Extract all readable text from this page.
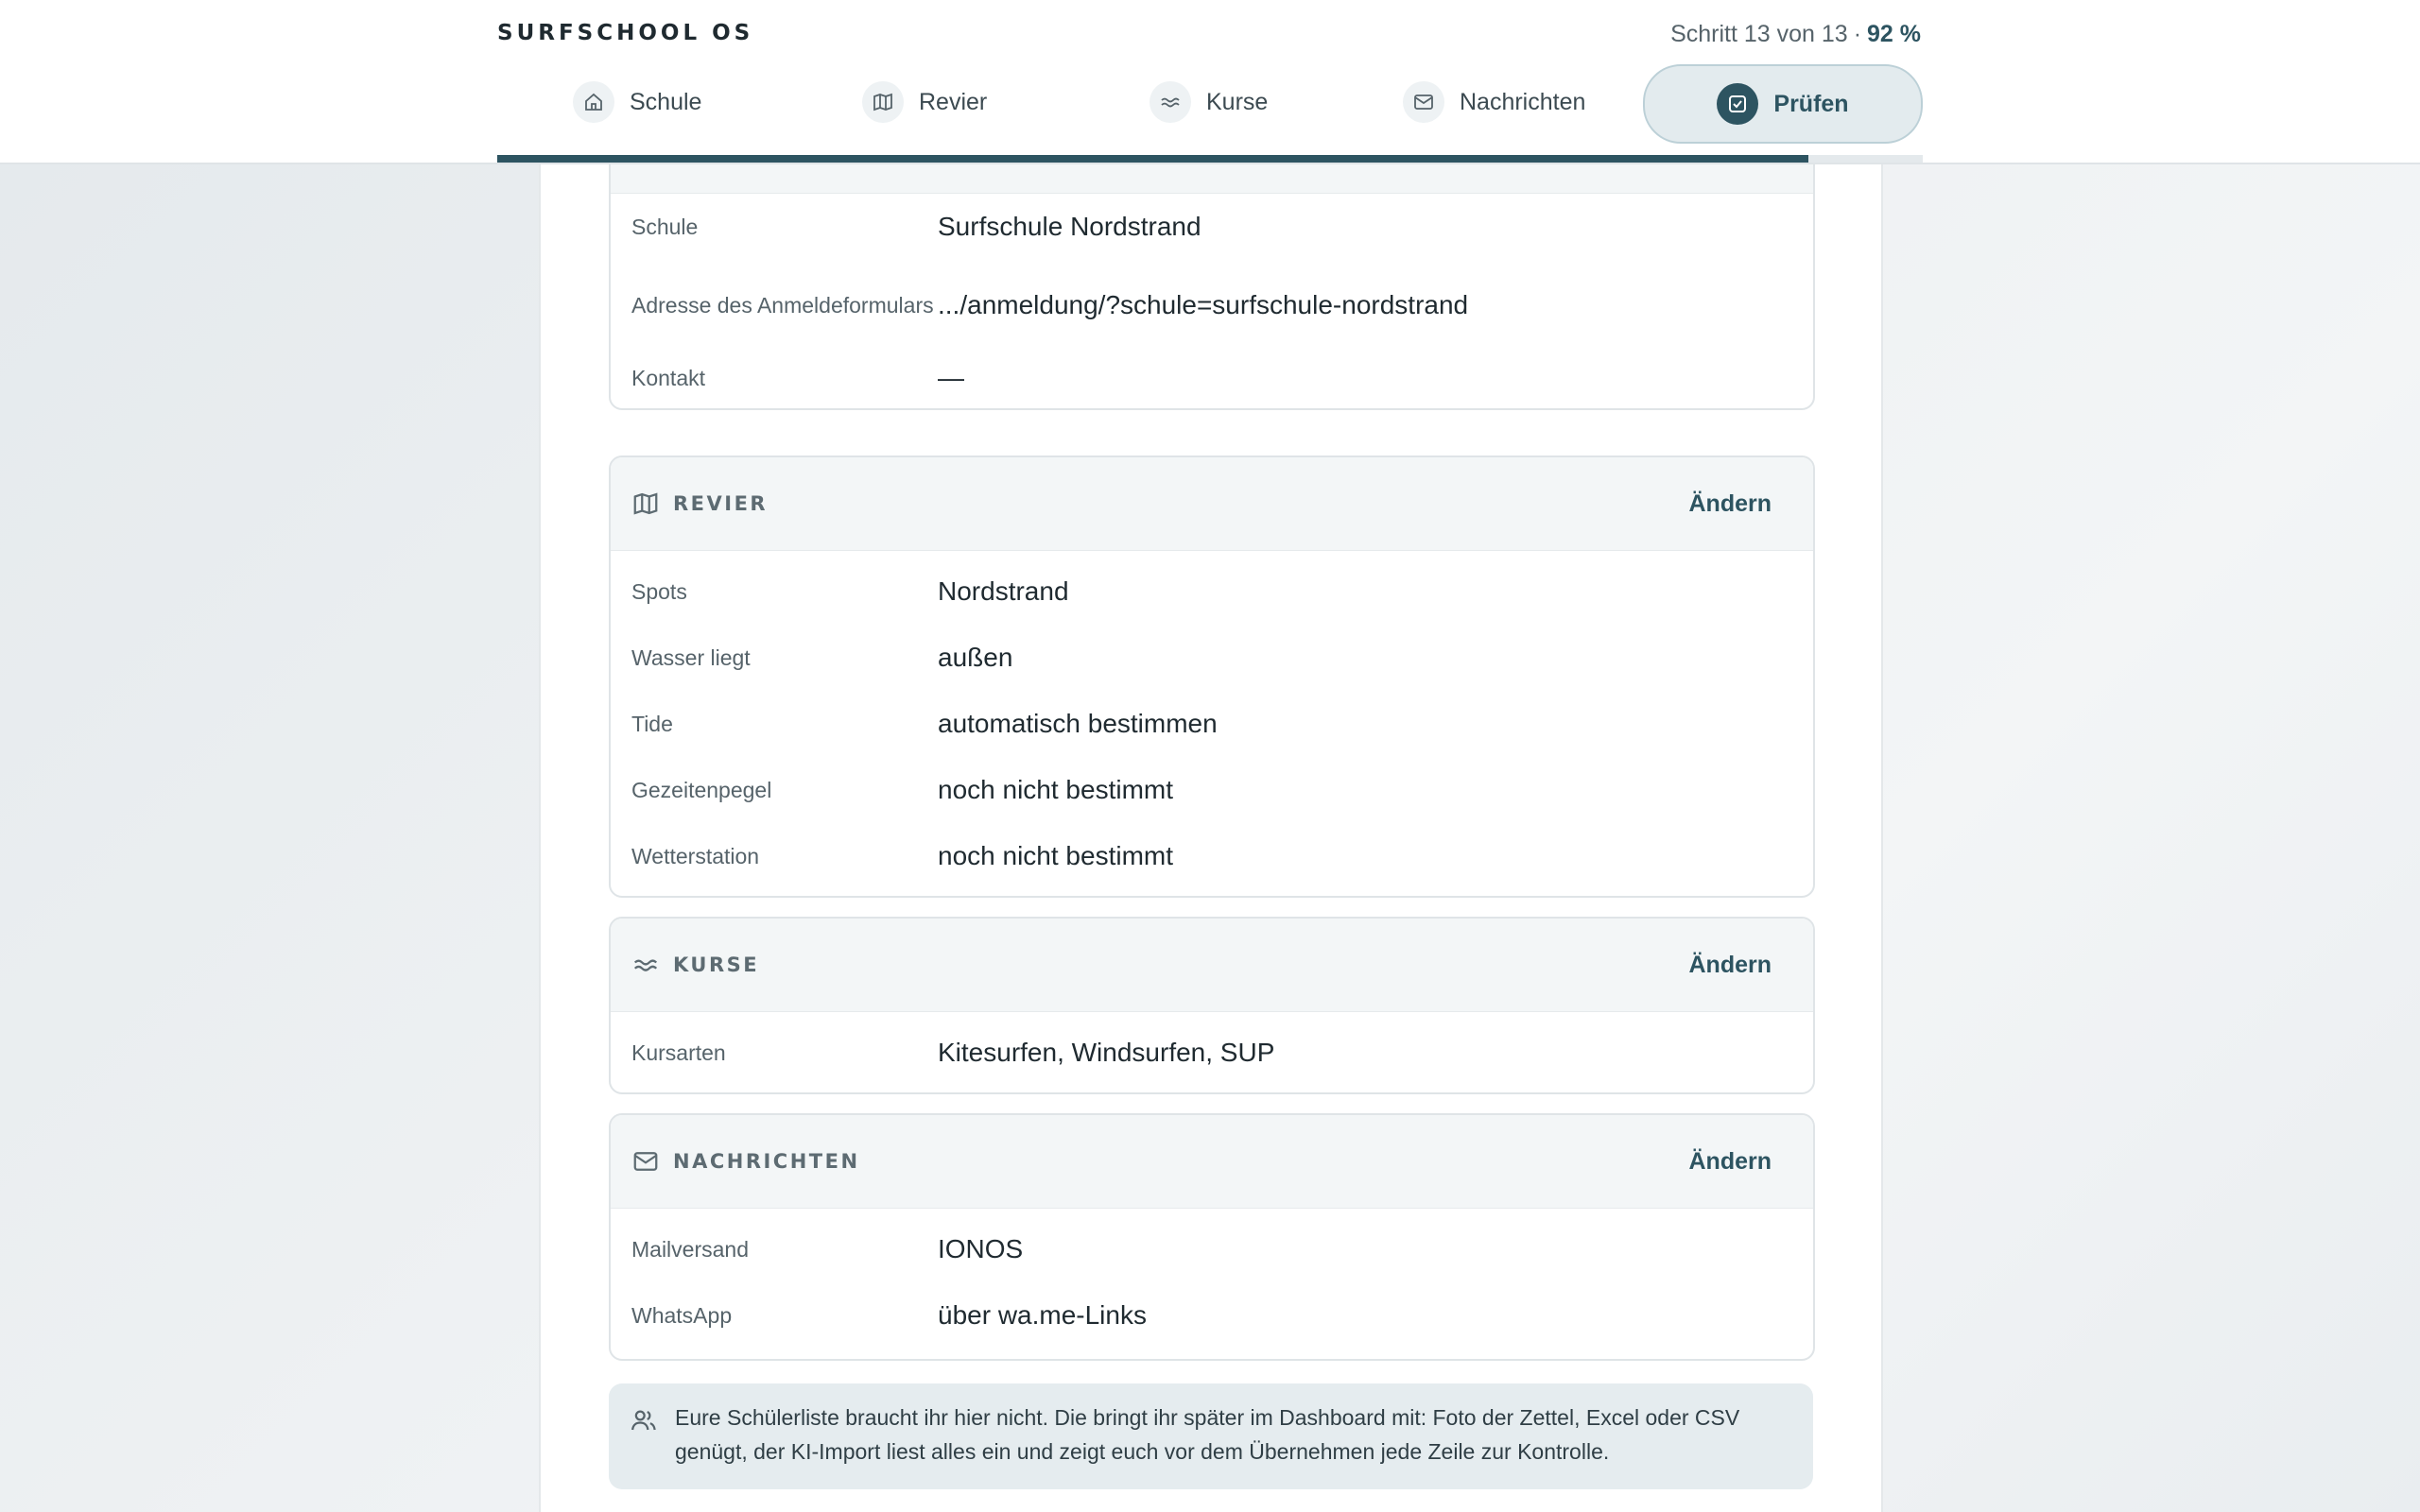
SURFSCHOOL OS	Schritt 13 von 13 · 92 %
Schule	Revier	Kurse	Nachrichten	Prüfen
Schule	Surfschule Nordstrand
Adresse des Anmeldeformulars .../anmeldung/?schule=surfschule-nordstrand
Kontakt	—
REVIER	Ändern
Spots	Nordstrand
Wasser liegt	außen
Tide	automatisch bestimmen
Gezeitenpegel	noch nicht bestimmt
Wetterstation	noch nicht bestimmt
KURSE	Ändern
Kursarten	Kitesurfen, Windsurfen, SUP
NACHRICHTEN	Ändern
Mailversand	IONOS
WhatsApp	über wa.me-Links
Eure Schülerliste braucht ihr hier nicht. Die bringt ihr später im Dashboard mit: Foto der Zettel, Excel oder CSV genügt, der KI-Import liest alles ein und zeigt euch vor dem Übernehmen jede Zeile zur Kontrolle.
